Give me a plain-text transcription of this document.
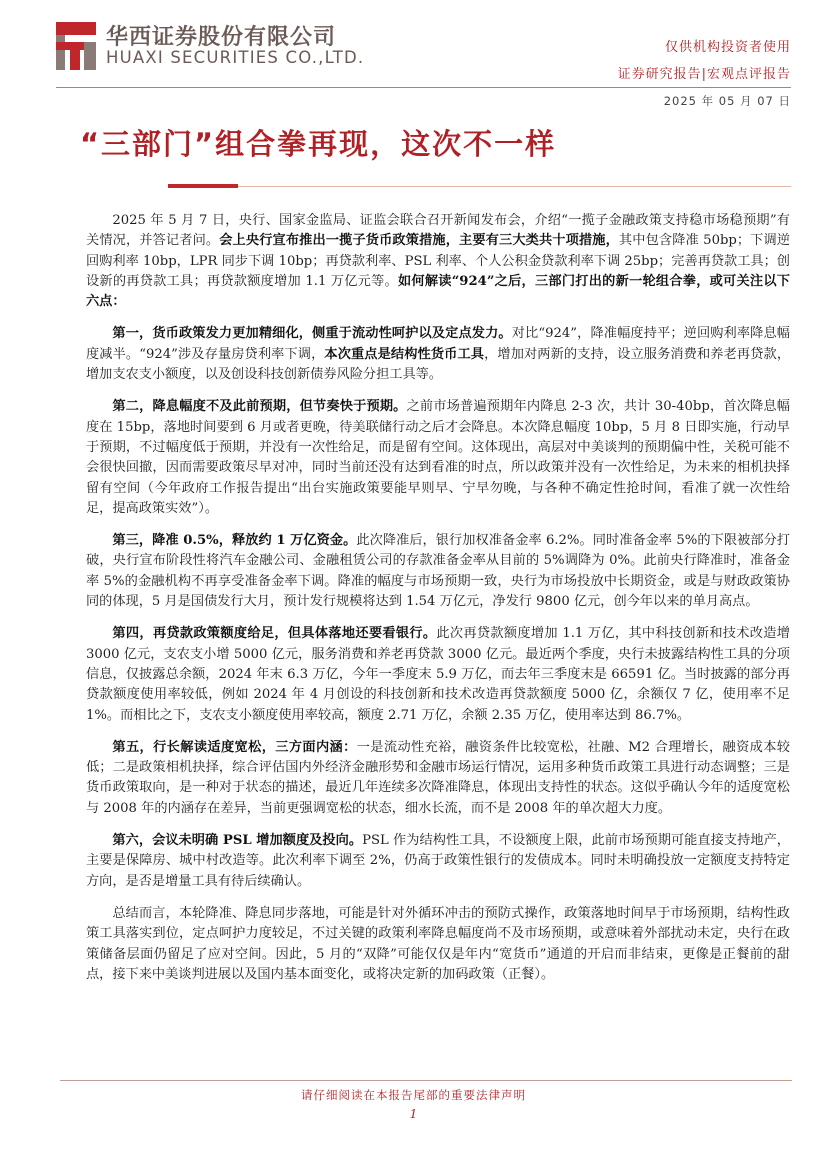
华西证券股份有限公司
HUAXI SECURITIES CO.,LTD.
仅供机构投资者使用
证券研究报告|宏观点评报告
2025 年 05 月 07 日
“三部门”组合拳再现，这次不一样

2025 年 5 月 7 日，央行、国家金监局、证监会联合召开新闻发布会，介绍“一揽子金融政策支持稳市场稳预期”有关情况，并答记者问。会上央行宣布推出一揽子货币政策措施，主要有三大类共十项措施，其中包含降准 50bp；下调逆回购利率 10bp，LPR 同步下调 10bp；再贷款利率、PSL 利率、个人公积金贷款利率下调 25bp；完善再贷款工具；创设新的再贷款工具；再贷款额度增加 1.1 万亿元等。如何解读“924”之后，三部门打出的新一轮组合拳，或可关注以下六点：

第一，货币政策发力更加精细化，侧重于流动性呵护以及定点发力。对比“924”，降准幅度持平；逆回购利率降息幅度减半。“924”涉及存量房贷利率下调，本次重点是结构性货币工具，增加对两新的支持，设立服务消费和养老再贷款，增加支农支小额度，以及创设科技创新债券风险分担工具等。

第二，降息幅度不及此前预期，但节奏快于预期。之前市场普遍预期年内降息 2-3 次，共计 30-40bp，首次降息幅度在 15bp，落地时间要到 6 月或者更晚，待美联储行动之后才会降息。本次降息幅度 10bp，5 月 8 日即实施，行动早于预期，不过幅度低于预期，并没有一次性给足，而是留有空间。这体现出，高层对中美谈判的预期偏中性，关税可能不会很快回撤，因而需要政策尽早对冲，同时当前还没有达到看准的时点，所以政策并没有一次性给足，为未来的相机抉择留有空间（今年政府工作报告提出“出台实施政策要能早则早、宁早勿晚，与各种不确定性抢时间，看准了就一次性给足，提高政策实效”）。

第三，降准 0.5%，释放约 1 万亿资金。此次降准后，银行加权准备金率 6.2%。同时准备金率 5%的下限被部分打破，央行宣布阶段性将汽车金融公司、金融租赁公司的存款准备金率从目前的 5%调降为 0%。此前央行降准时，准备金率 5%的金融机构不再享受准备金率下调。降准的幅度与市场预期一致，央行为市场投放中长期资金，或是与财政政策协同的体现，5 月是国债发行大月，预计发行规模将达到 1.54 万亿元，净发行 9800 亿元，创今年以来的单月高点。

第四，再贷款政策额度给足，但具体落地还要看银行。此次再贷款额度增加 1.1 万亿，其中科技创新和技术改造增 3000 亿元，支农支小增 5000 亿元，服务消费和养老再贷款 3000 亿元。最近两个季度，央行未披露结构性工具的分项信息，仅披露总余额，2024 年末 6.3 万亿，今年一季度末 5.9 万亿，而去年三季度末是 66591 亿。当时披露的部分再贷款额度使用率较低，例如 2024 年 4 月创设的科技创新和技术改造再贷款额度 5000 亿，余额仅 7 亿，使用率不足 1%。而相比之下，支农支小额度使用率较高，额度 2.71 万亿，余额 2.35 万亿，使用率达到 86.7%。

第五，行长解读适度宽松，三方面内涵：一是流动性充裕，融资条件比较宽松，社融、M2 合理增长，融资成本较低；二是政策相机抉择，综合评估国内外经济金融形势和金融市场运行情况，运用多种货币政策工具进行动态调整；三是货币政策取向，是一种对于状态的描述，最近几年连续多次降准降息，体现出支持性的状态。这似乎确认今年的适度宽松与 2008 年的内涵存在差异，当前更强调宽松的状态，细水长流，而不是 2008 年的单次超大力度。

第六，会议未明确 PSL 增加额度及投向。PSL 作为结构性工具，不设额度上限，此前市场预期可能直接支持地产，主要是保障房、城中村改造等。此次利率下调至 2%，仍高于政策性银行的发债成本。同时未明确投放一定额度支持特定方向，是否是增量工具有待后续确认。

总结而言，本轮降准、降息同步落地，可能是针对外循环冲击的预防式操作，政策落地时间早于市场预期，结构性政策工具落实到位，定点呵护力度较足，不过关键的政策利率降息幅度尚不及市场预期，或意味着外部扰动未定，央行在政策储备层面仍留足了应对空间。因此，5 月的“双降”可能仅仅是年内“宽货币”通道的开启而非结束，更像是正餐前的甜点，接下来中美谈判进展以及国内基本面变化，或将决定新的加码政策（正餐）。

请仔细阅读在本报告尾部的重要法律声明
1
